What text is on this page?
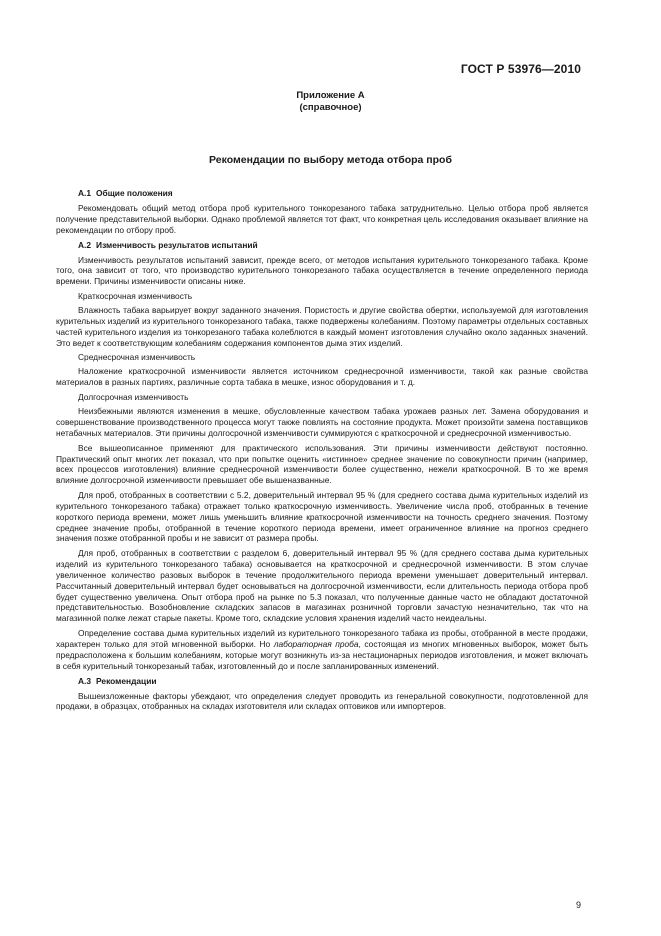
ГОСТ Р 53976—2010
Приложение А
(справочное)
Рекомендации по выбору метода отбора проб
А.1 Общие положения

Рекомендовать общий метод отбора проб курительного тонкорезаного табака затруднительно. Целью отбора проб является получение представительной выборки. Однако проблемой является тот факт, что конкретная цель исследования оказывает влияние на рекомендации по отбору проб.

А.2 Изменчивость результатов испытаний

Изменчивость результатов испытаний зависит, прежде всего, от методов испытания курительного тонкорезаного табака. Кроме того, она зависит от того, что производство курительного тонкорезаного табака осуществляется в течение определенного периода времени. Причины изменчивости описаны ниже.

Краткосрочная изменчивость

Влажность табака варьирует вокруг заданного значения. Пористость и другие свойства обертки, используемой для изготовления курительных изделий из курительного тонкорезаного табака, также подвержены колебаниям. Поэтому параметры отдельных составных частей курительного изделия из тонкорезаного табака колеблются в каждый момент изготовления случайно около заданных значений. Это ведет к соответствующим колебаниям содержания компонентов дыма этих изделий.

Среднесрочная изменчивость

Наложение краткосрочной изменчивости является источником среднесрочной изменчивости, такой как разные свойства материалов в разных партиях, различные сорта табака в мешке, износ оборудования и т. д.

Долгосрочная изменчивость

Неизбежными являются изменения в мешке, обусловленные качеством табака урожаев разных лет. Замена оборудования и совершенствование производственного процесса могут также повлиять на состояние продукта. Может произойти замена поставщиков нетабачных материалов. Эти причины долгосрочной изменчивости суммируются с краткосрочной и среднесрочной изменчивостью.

Все вышеописанное применяют для практического использования. Эти причины изменчивости действуют постоянно. Практический опыт многих лет показал, что при попытке оценить «истинное» среднее значение по совокупности причин (например, всех процессов изготовления) влияние среднесрочной изменчивости более существенно, нежели краткосрочной. В то же время влияние долгосрочной изменчивости превышает обе вышеназванные.

Для проб, отобранных в соответствии с 5.2, доверительный интервал 95 % (для среднего состава дыма курительных изделий из курительного тонкорезаного табака) отражает только краткосрочную изменчивость. Увеличение числа проб, отобранных в течение короткого периода времени, может лишь уменьшить влияние краткосрочной изменчивости на точность среднего значения. Поэтому среднее значение пробы, отобранной в течение короткого периода времени, имеет ограниченное влияние на прогноз среднего значения позже отобранной пробы и не зависит от размера пробы.

Для проб, отобранных в соответствии с разделом 6, доверительный интервал 95 % (для среднего состава дыма курительных изделий из курительного тонкорезаного табака) основывается на краткосрочной и среднесрочной изменчивости. В этом случае увеличенное количество разовых выборок в течение продолжительного периода времени уменьшает доверительный интервал. Рассчитанный доверительный интервал будет основываться на долгосрочной изменчивости, если длительность периода отбора проб будет существенно увеличена. Опыт отбора проб на рынке по 5.3 показал, что полученные данные часто не обладают достаточной представительностью. Возобновление складских запасов в магазинах розничной торговли зачастую незначительно, так что на магазинной полке лежат старые пакеты. Кроме того, складские условия хранения изделий часто неидеальны.

Определение состава дыма курительных изделий из курительного тонкорезаного табака из пробы, отобранной в месте продажи, характерен только для этой мгновенной выборки. Но лабораторная проба, состоящая из многих мгновенных выборок, может быть предрасположена к большим колебаниям, которые могут возникнуть из-за нестационарных периодов изготовления, и может включать в себя курительный тонкорезаный табак, изготовленный до и после запланированных изменений.

А.3 Рекомендации

Вышеизложенные факторы убеждают, что определения следует проводить из генеральной совокупности, подготовленной для продажи, в образцах, отобранных на складах изготовителя или складах оптовиков или импортеров.

9
